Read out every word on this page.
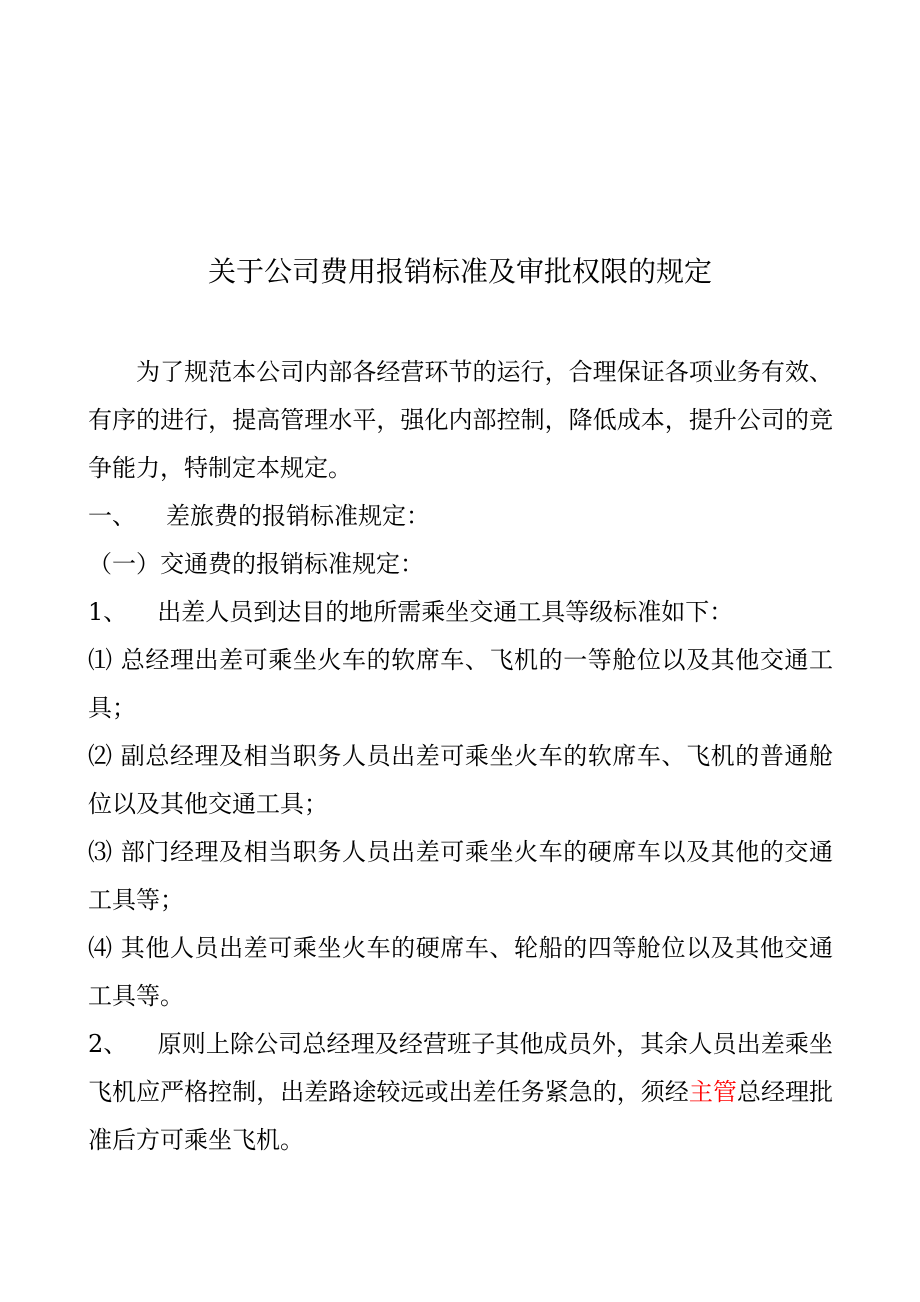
关于公司费用报销标准及审批权限的规定

为了规范本公司内部各经营环节的运行，合理保证各项业务有效、有序的进行，提高管理水平，强化内部控制，降低成本，提升公司的竞争能力，特制定本规定。

一、 差旅费的报销标准规定：

（一）交通费的报销标准规定：

1、 出差人员到达目的地所需乘坐交通工具等级标准如下：

⑴ 总经理出差可乘坐火车的软席车、飞机的一等舱位以及其他交通工具；

⑵ 副总经理及相当职务人员出差可乘坐火车的软席车、飞机的普通舱位以及其他交通工具；

⑶ 部门经理及相当职务人员出差可乘坐火车的硬席车以及其他的交通工具等；

⑷ 其他人员出差可乘坐火车的硬席车、轮船的四等舱位以及其他交通工具等。

2、 原则上除公司总经理及经营班子其他成员外，其余人员出差乘坐飞机应严格控制，出差路途较远或出差任务紧急的，须经主管总经理批准后方可乘坐飞机。
